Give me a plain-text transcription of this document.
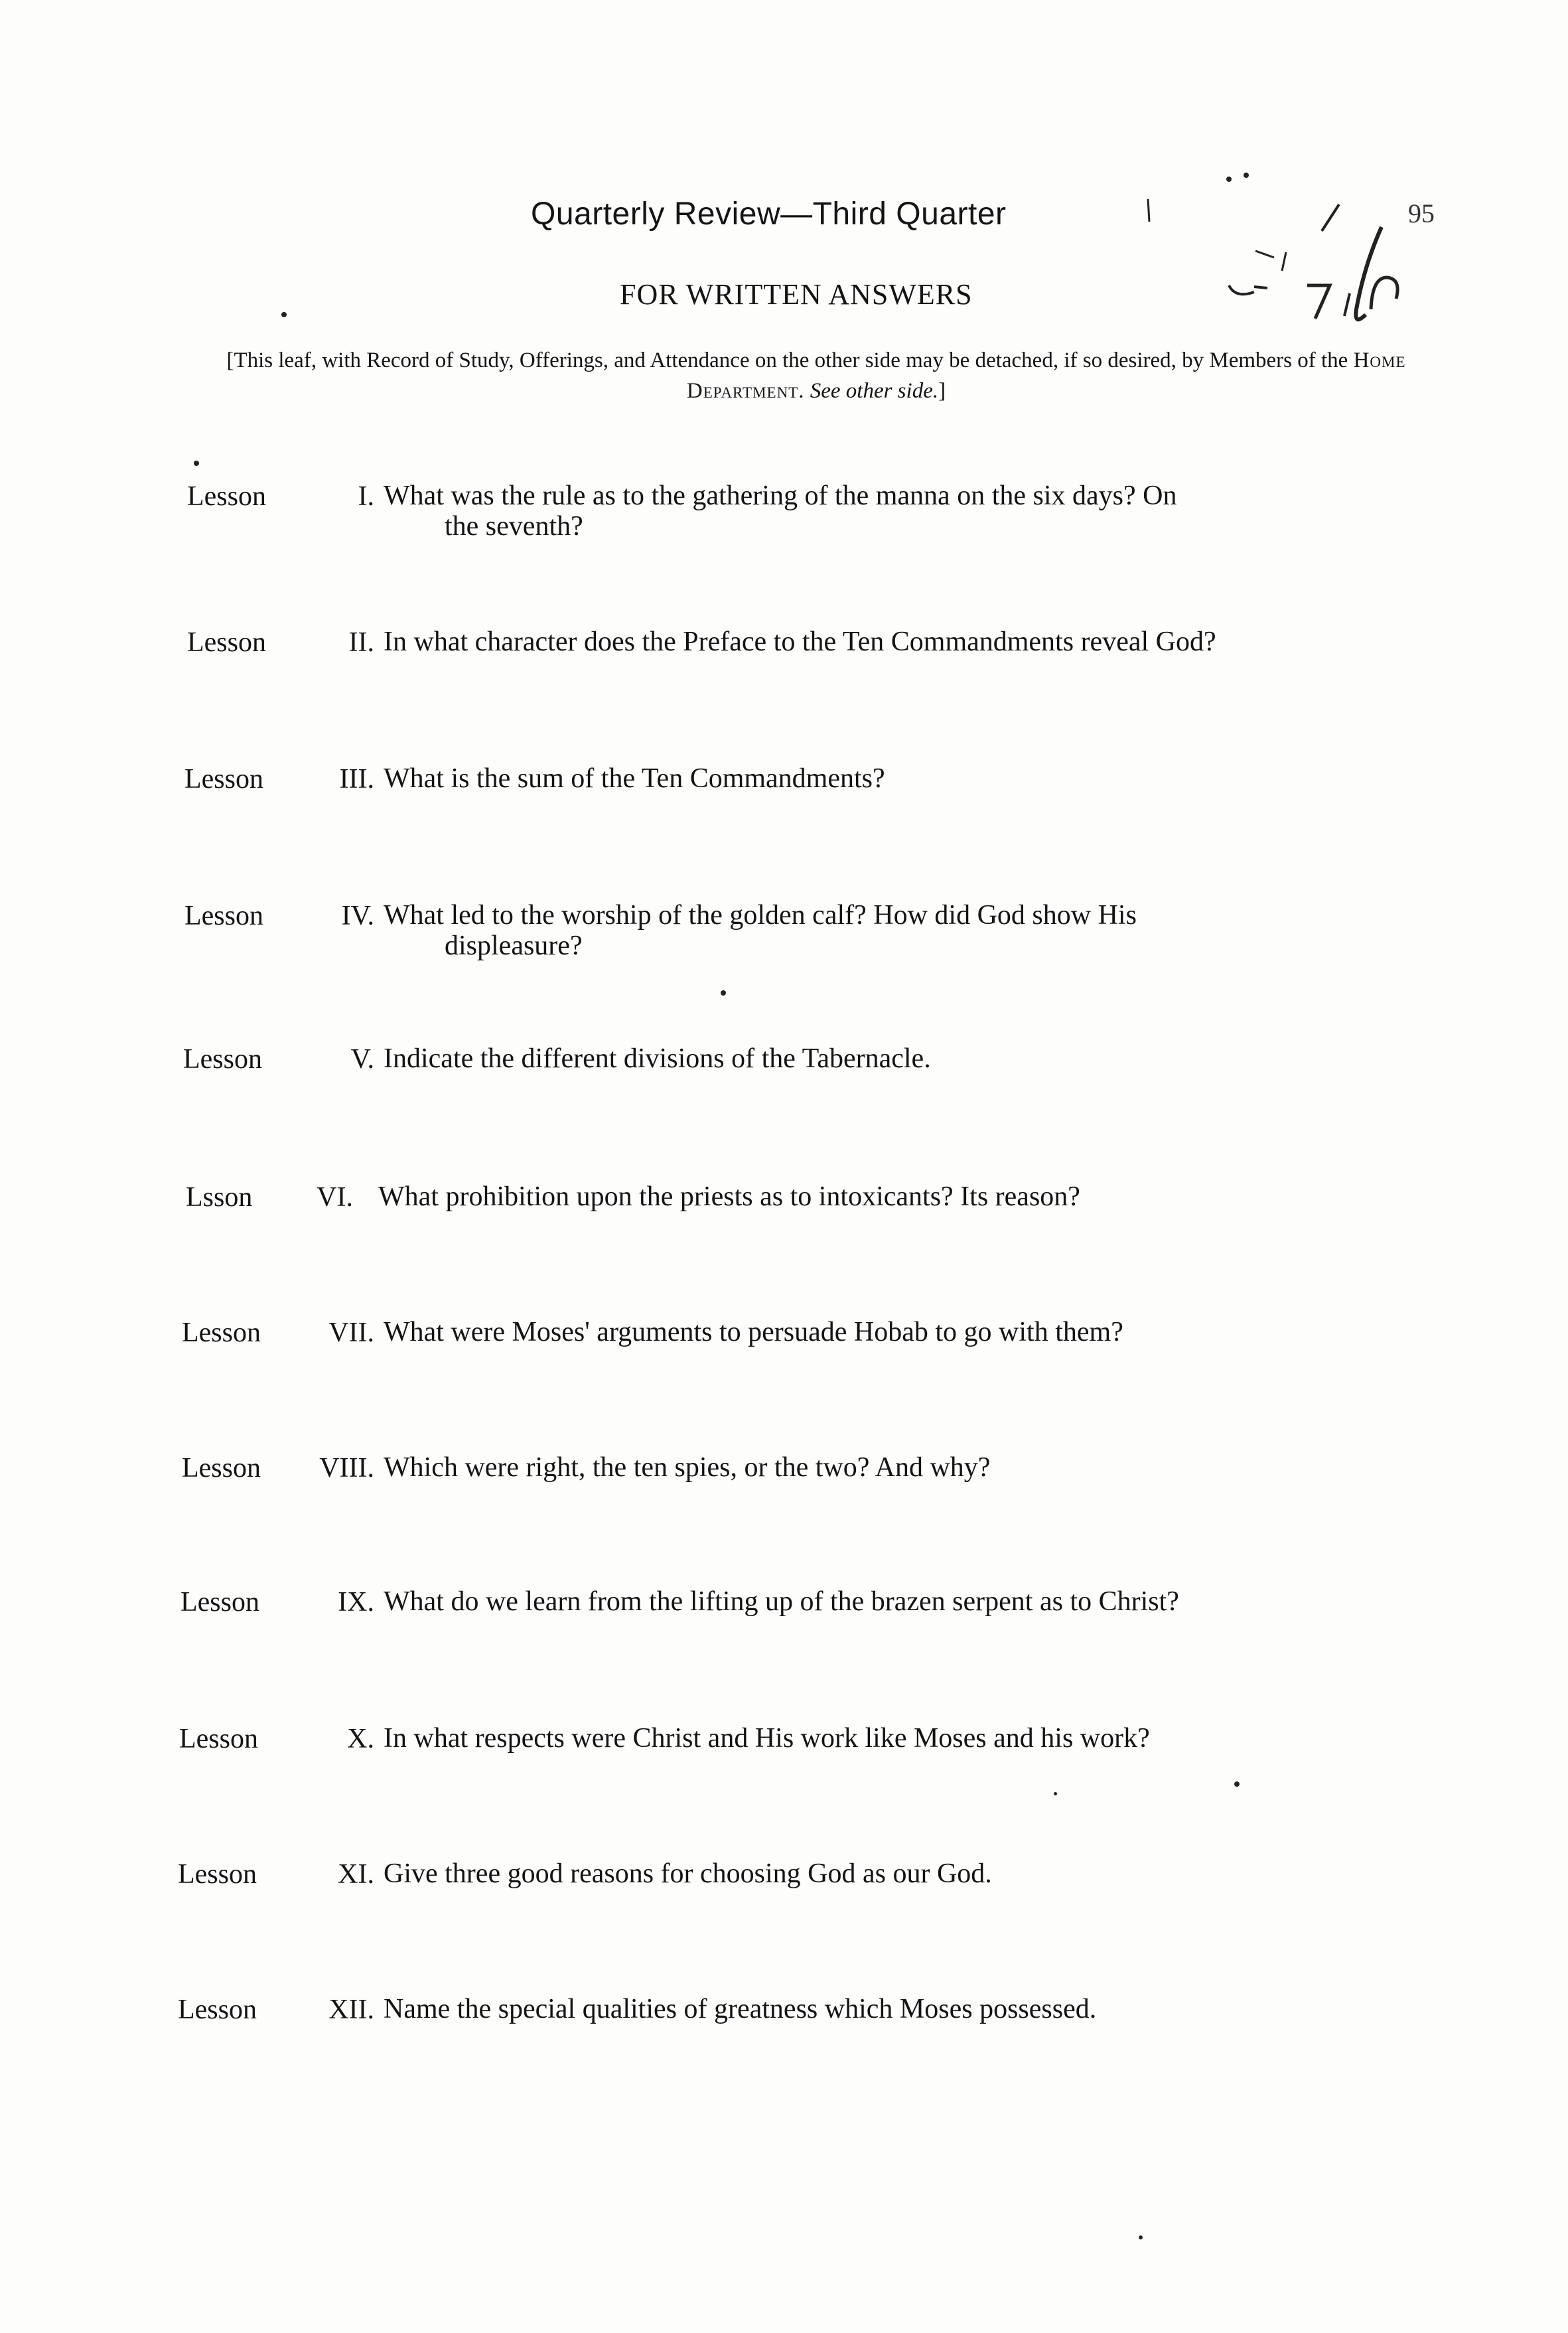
Quarterly Review—Third Quarter	95
FOR WRITTEN ANSWERS
[This leaf, with Record of Study, Offerings, and Attendance on the other side may be detached, if so desired, by Members of the Home Department. See other side.]
Lesson	I. What was the rule as to the gathering of the manna on the six days? On
the seventh?
Lesson	II. In what character does the Preface to the Ten Commandments reveal God?
Lesson	III. What is the sum of the Ten Commandments?
Lesson	IV. What led to the worship of the golden calf? How did God show His
displeasure?
Lesson	V. Indicate the different divisions of the Tabernacle.
Lsson	VI. What prohibition upon the priests as to intoxicants? Its reason?
Lesson	VII. What were Moses' arguments to persuade Hobab to go with them?
Lesson	VIII. Which were right, the ten spies, or the two? And why?
Lesson	IX. What do we learn from the lifting up of the brazen serpent as to Christ?
Lesson	X. In what respects were Christ and His work like Moses and his work?
Lesson	XI. Give three good reasons for choosing God as our God.
Lesson	XII. Name the special qualities of greatness which Moses possessed.
